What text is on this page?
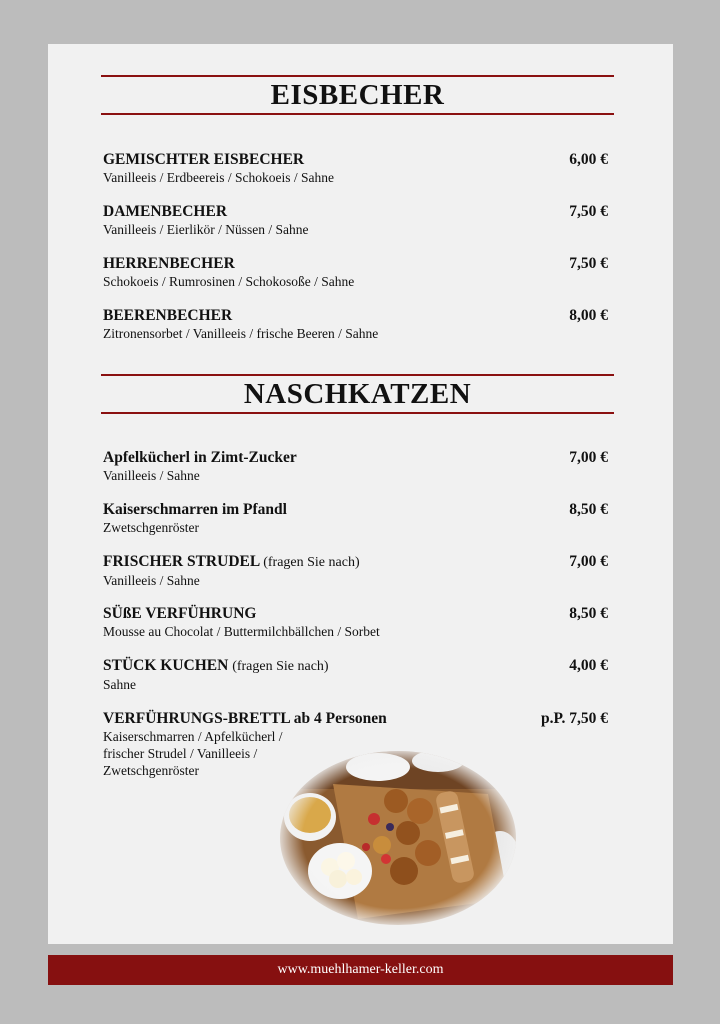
EISBECHER
GEMISCHTER EISBECHER	6,00 €
Vanilleeis / Erdbeereis / Schokoeis / Sahne
DAMENBECHER	7,50 €
Vanilleeis / Eierlikör / Nüssen / Sahne
HERRENBECHER	7,50 €
Schokoeis / Rumrosinen / Schokosoße / Sahne
BEERENBECHER	8,00 €
Zitronensorbet / Vanilleeis / frische Beeren / Sahne
NASCHKATZEN
Apfelkücherl in Zimt-Zucker	7,00 €
Vanilleeis / Sahne
Kaiserschmarren im Pfandl	8,50 €
Zwetschgenröster
FRISCHER STRUDEL (fragen Sie nach)	7,00 €
Vanilleeis / Sahne
SÜßE VERFÜHRUNG	8,50 €
Mousse au Chocolat / Buttermilchbällchen / Sorbet
STÜCK KUCHEN (fragen Sie nach)	4,00 €
Sahne
VERFÜHRUNGS-BRETTL ab 4 Personen	p.P. 7,50 €
Kaiserschmarren / Apfelkücherl /
frischer Strudel / Vanilleeis /
Zwetschgenröster
www.muehlhamer-keller.com
